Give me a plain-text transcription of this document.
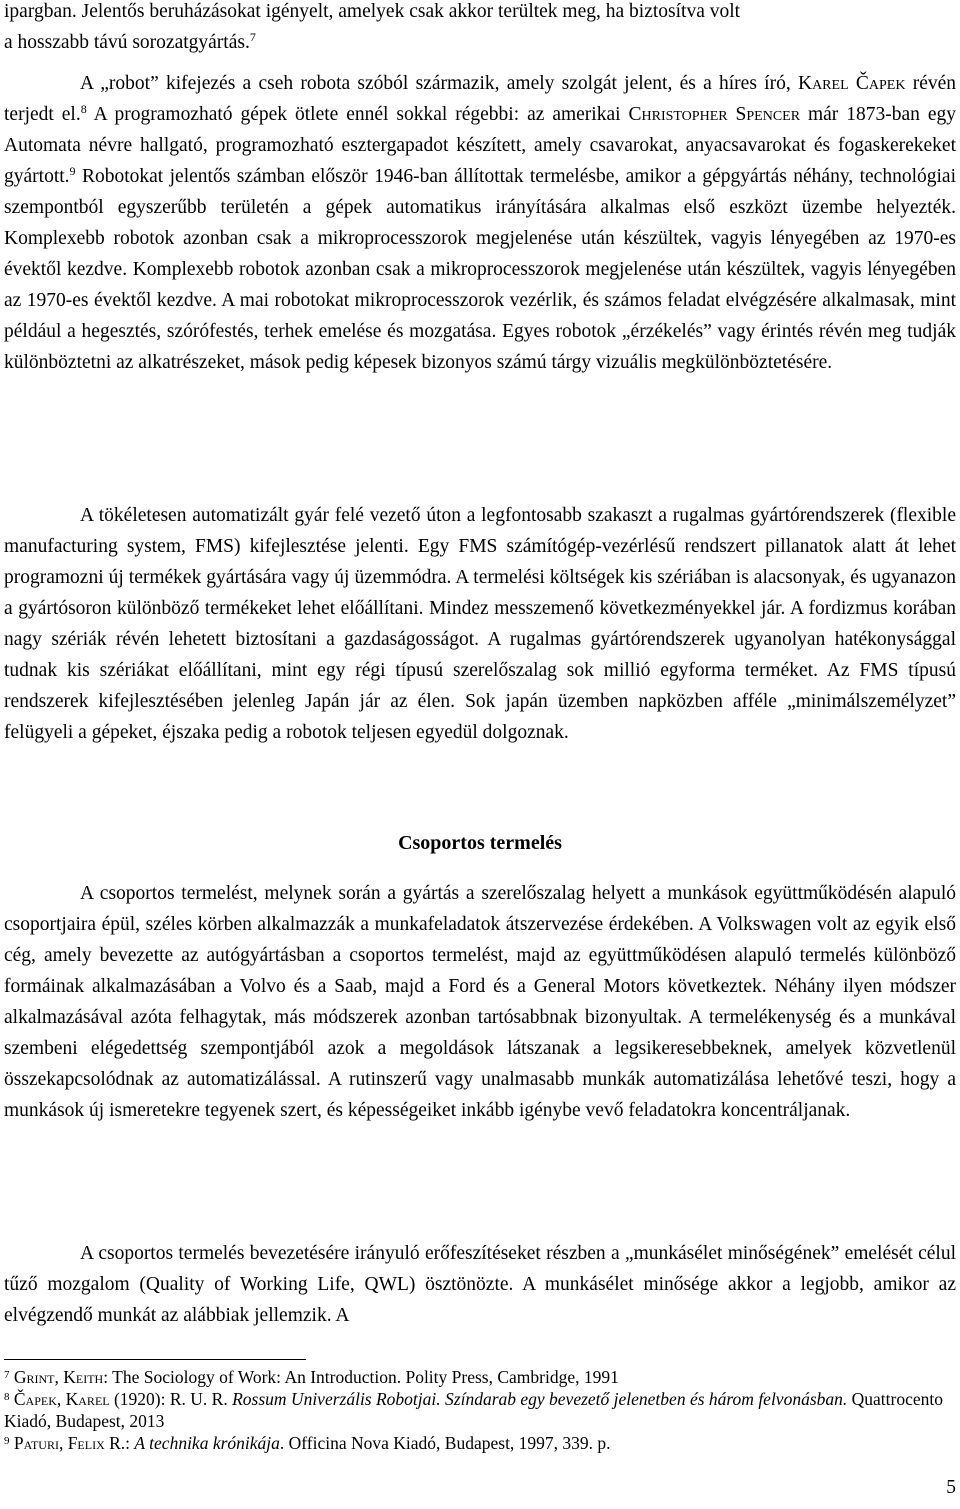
ipargban. Jelentős beruházásokat igényelt, amelyek csak akkor terültek meg, ha biztosítva volt
a hosszabb távú sorozatgyártás.$^7$

A „robot” kifejezés a cseh robota szóból származik, amely szolgát jelent, és a híres író, Karel Čapek révén terjedt el.$^8$ A programozható gépek ötlete ennél sokkal régebbi: az amerikai Christopher Spencer már 1873-ban egy Automata névre hallgató, programozható esztergapadot készített, amely csavarokat, anyacsavarokat és fogaskerekeket gyártott.$^9$ Robotokat jelentős számban először 1946-ban állítottak termelésbe, amikor a gépgyártás néhány, technológiai szempontból egyszerűbb területén a gépek automatikus irányítására alkalmas első eszközt üzembe helyezték. Komplexebb robotok azonban csak a mikroprocesszorok megjelenése után készültek, vagyis lényegében az 1970-es évektől kezdve. Komplexebb robotok azonban csak a mikroprocesszorok megjelenése után készültek, vagyis lényegében az 1970-es évektől kezdve. A mai robotokat mikroprocesszorok vezérlik, és számos feladat elvégzésére alkalmasak, mint például a hegesztés, szórófestés, terhek emelése és mozgatása. Egyes robotok „érzékelés” vagy érintés révén meg tudják különböztetni az alkatrészeket, mások pedig képesek bizonyos számú tárgy vizuális megkülönböztetésére.

A tökéletesen automatizált gyár felé vezető úton a legfontosabb szakaszt a rugalmas gyártórendszerek (flexible manufacturing system, FMS) kifejlesztése jelenti. Egy FMS számítógép-vezérlésű rendszert pillanatok alatt át lehet programozni új termékek gyártására vagy új üzemmódra. A termelési költségek kis szériában is alacsonyak, és ugyanazon a gyártósoron különböző termékeket lehet előállítani. Mindez messzemenő következményekkel jár. A fordizmus korában nagy szériák révén lehetett biztosítani a gazdaságosságot. A rugalmas gyártórendszerek ugyanolyan hatékonysággal tudnak kis szériákat előállítani, mint egy régi típusú szerelőszalag sok millió egyforma terméket. Az FMS típusú rendszerek kifejlesztésében jelenleg Japán jár az élen. Sok japán üzemben napközben afféle „minimálszemélyzet” felügyeli a gépeket, éjszaka pedig a robotok teljesen egyedül dolgoznak.

Csoportos termelés

A csoportos termelést, melynek során a gyártás a szerelőszalag helyett a munkások együttműködésén alapuló csoportjaira épül, széles körben alkalmazzák a munkafeladatok átszervezése érdekében. A Volkswagen volt az egyik első cég, amely bevezette az autógyártásban a csoportos termelést, majd az együttműködésen alapuló termelés különböző formáinak alkalmazásában a Volvo és a Saab, majd a Ford és a General Motors következtek. Néhány ilyen módszer alkalmazásával azóta felhagytak, más módszerek azonban tartósabbnak bizonyultak. A termelékenység és a munkával szembeni elégedettség szempontjából azok a megoldások látszanak a legsikeresebbeknek, amelyek közvetlenül összekapcsolódnak az automatizálással. A rutinszerű vagy unalmasabb munkák automatizálása lehetővé teszi, hogy a munkások új ismeretekre tegyenek szert, és képességeiket inkább igénybe vevő feladatokra koncentráljanak.

A csoportos termelés bevezetésére irányuló erőfeszítéseket részben a „munkásélet minőségének” emelését célul tűző mozgalom (Quality of Working Life, QWL) ösztönözte. A munkásélet minősége akkor a legjobb, amikor az elvégzendő munkát az alábbiak jellemzik. A

$^7$ Grint, Keith: The Sociology of Work: An Introduction. Polity Press, Cambridge, 1991

$^8$ Čapek, Karel (1920): R. U. R. Rossum Univerzális Robotjai. Színdarab egy bevezető jelenetben és három felvonásban. Quattrocento Kiadó, Budapest, 2013

$^9$ Paturi, Felix R.: A technika krónikája. Officina Nova Kiadó, Budapest, 1997, 339. p.

5
